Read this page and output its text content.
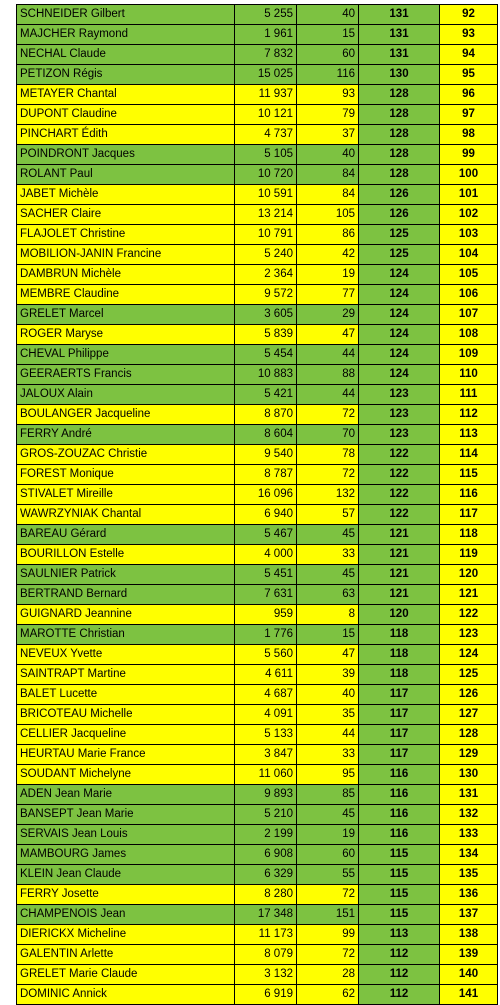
SCHNEIDER Gilbert	5 255	40	131	92
MAJCHER Raymond	1 961	15	131	93
NECHAL Claude	7 832	60	131	94
PETIZON Régis	15 025	116	130	95
METAYER Chantal	11 937	93	128	96
DUPONT Claudine	10 121	79	128	97
PINCHART Édith	4 737	37	128	98
POINDRONT Jacques	5 105	40	128	99
ROLANT Paul	10 720	84	128	100
JABET Michèle	10 591	84	126	101
SACHER Claire	13 214	105	126	102
FLAJOLET Christine	10 791	86	125	103
MOBILION-JANIN Francine	5 240	42	125	104
DAMBRUN Michèle	2 364	19	124	105
MEMBRE Claudine	9 572	77	124	106
GRELET Marcel	3 605	29	124	107
ROGER Maryse	5 839	47	124	108
CHEVAL Philippe	5 454	44	124	109
GEERAERTS Francis	10 883	88	124	110
JALOUX Alain	5 421	44	123	111
BOULANGER Jacqueline	8 870	72	123	112
FERRY André	8 604	70	123	113
GROS-ZOUZAC Christie	9 540	78	122	114
FOREST Monique	8 787	72	122	115
STIVALET Mireille	16 096	132	122	116
WAWRZYNIAK Chantal	6 940	57	122	117
BAREAU Gérard	5 467	45	121	118
BOURILLON Estelle	4 000	33	121	119
SAULNIER Patrick	5 451	45	121	120
BERTRAND Bernard	7 631	63	121	121
GUIGNARD Jeannine	959	8	120	122
MAROTTE Christian	1 776	15	118	123
NEVEUX Yvette	5 560	47	118	124
SAINTRAPT Martine	4 611	39	118	125
BALET Lucette	4 687	40	117	126
BRICOTEAU Michelle	4 091	35	117	127
CELLIER Jacqueline	5 133	44	117	128
HEURTAU Marie France	3 847	33	117	129
SOUDANT Michelyne	11 060	95	116	130
ADEN Jean Marie	9 893	85	116	131
BANSEPT Jean Marie	5 210	45	116	132
SERVAIS Jean Louis	2 199	19	116	133
MAMBOURG James	6 908	60	115	134
KLEIN Jean Claude	6 329	55	115	135
FERRY Josette	8 280	72	115	136
CHAMPENOIS Jean	17 348	151	115	137
DIERICKX Micheline	11 173	99	113	138
GALENTIN Arlette	8 079	72	112	139
GRELET Marie Claude	3 132	28	112	140
DOMINIC Annick	6 919	62	112	141
